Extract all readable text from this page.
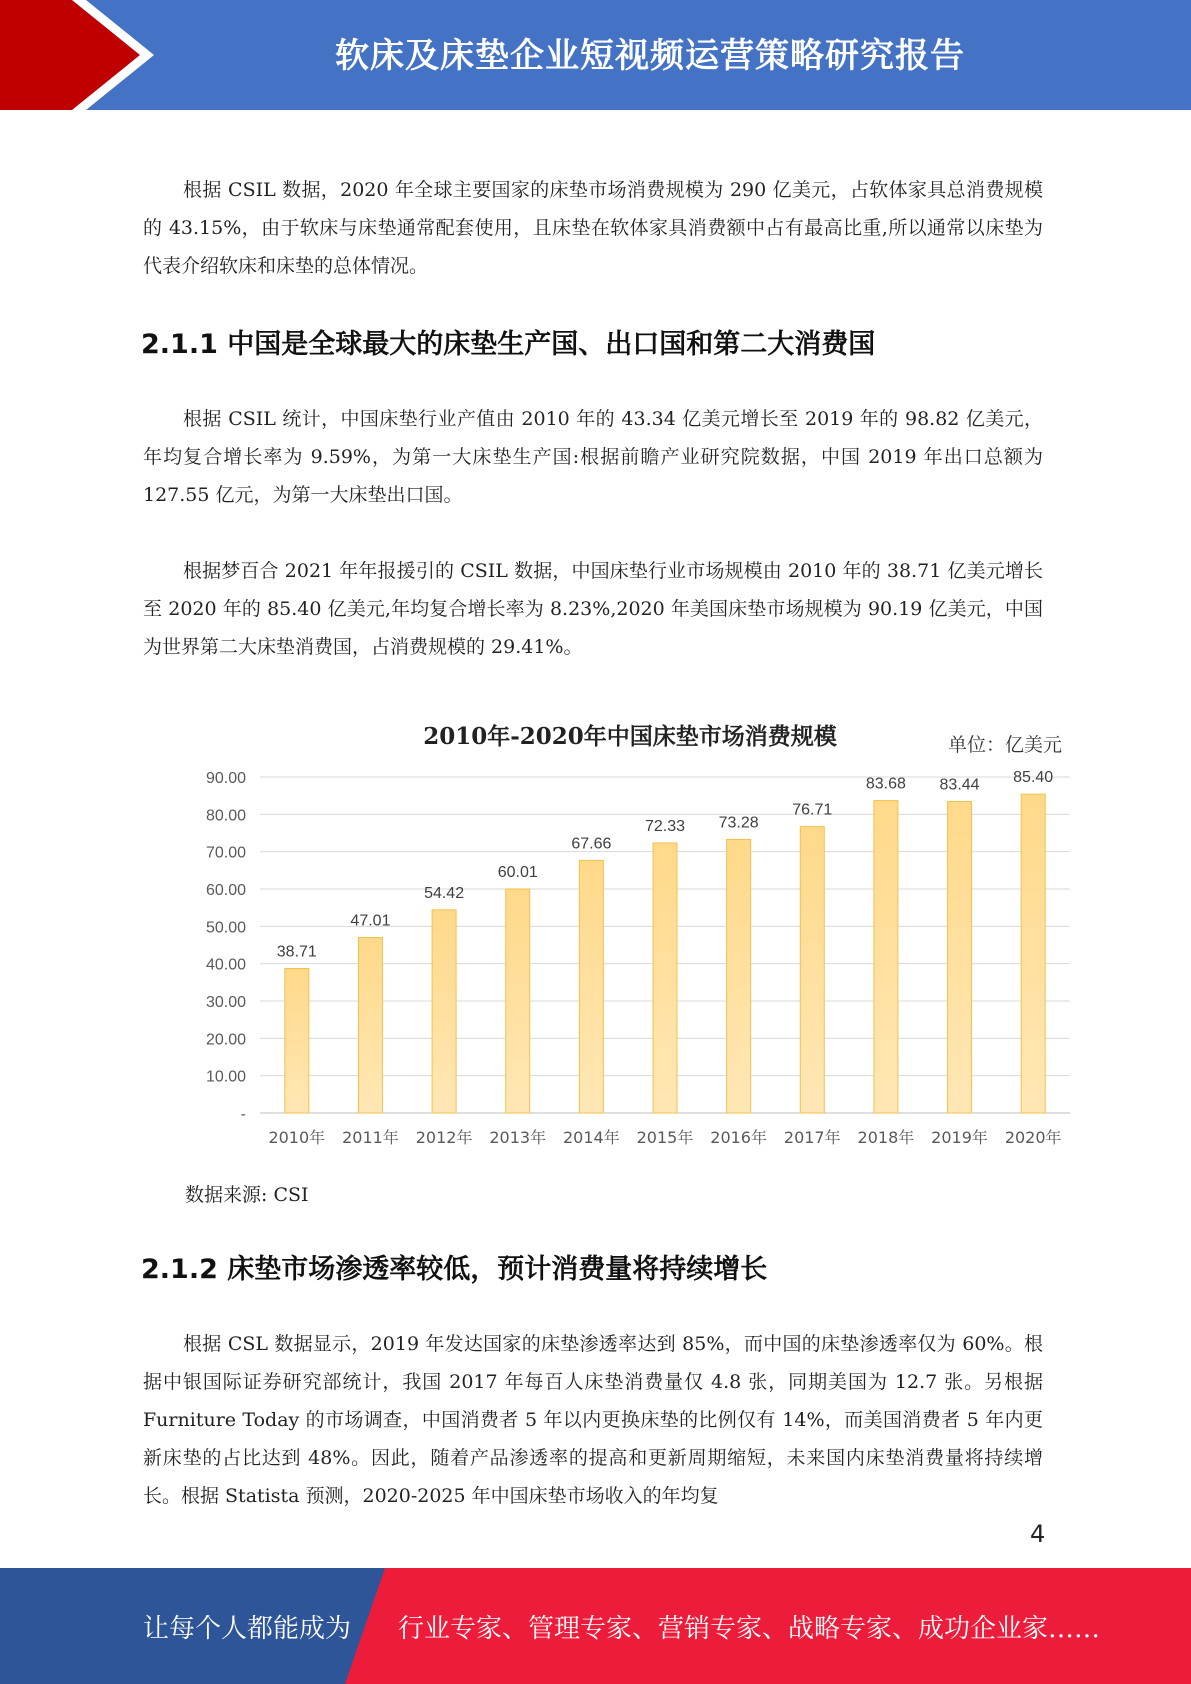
软床及床垫企业短视频运营策略研究报告

根据 CSIL 数据，2020 年全球主要国家的床垫市场消费规模为 290 亿美元，占软体家具总消费规模的 43.15%，由于软床与床垫通常配套使用，且床垫在软体家具消费额中占有最高比重,所以通常以床垫为代表介绍软床和床垫的总体情况。

2.1.1 中国是全球最大的床垫生产国、出口国和第二大消费国

根据 CSIL 统计，中国床垫行业产值由 2010 年的 43.34 亿美元增长至 2019 年的 98.82 亿美元，年均复合增长率为 9.59%，为第一大床垫生产国:根据前瞻产业研究院数据，中国 2019 年出口总额为 127.55 亿元，为第一大床垫出口国。

根据梦百合 2021 年年报援引的 CSIL 数据，中国床垫行业市场规模由 2010 年的 38.71 亿美元增长至 2020 年的 85.40 亿美元,年均复合增长率为 8.23%,2020 年美国床垫市场规模为 90.19 亿美元，中国为世界第二大床垫消费国，占消费规模的 29.41%。

2010年-2020年中国床垫市场消费规模	单位：亿美元
-
10.00
20.00
30.00
40.00
50.00
60.00
70.00
80.00
90.00
38.71
2010年
47.01
2011年
54.42
2012年
60.01
2013年
67.66
2014年
72.33
2015年
73.28
2016年
76.71
2017年
83.68
2018年
83.44
2019年
85.40
2020年
数据来源: CSI
2.1.2 床垫市场渗透率较低，预计消费量将持续增长

根据 CSL 数据显示，2019 年发达国家的床垫渗透率达到 85%，而中国的床垫渗透率仅为 60%。根据中银国际证券研究部统计，我国 2017 年每百人床垫消费量仅 4.8 张，同期美国为 12.7 张。另根据 Furniture Today 的市场调查，中国消费者 5 年以内更换床垫的比例仅有 14%，而美国消费者 5 年内更新床垫的占比达到 48%。因此，随着产品渗透率的提高和更新周期缩短，未来国内床垫消费量将持续增长。根据 Statista 预测，2020-2025 年中国床垫市场收入的年均复

4
让每个人都能成为 行业专家、管理专家、营销专家、战略专家、成功企业家……
